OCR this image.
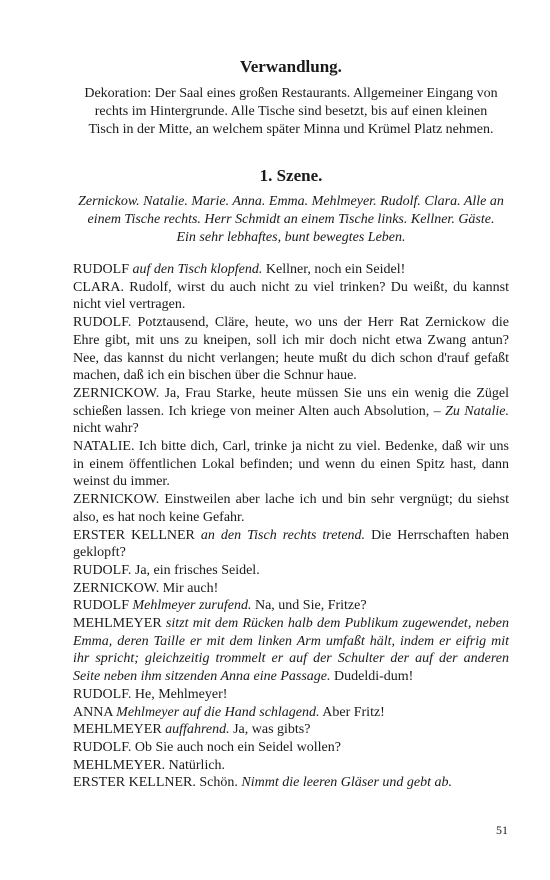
Verwandlung.

Dekoration: Der Saal eines großen Restaurants. Allgemeiner Eingang von rechts im Hintergrunde. Alle Tische sind besetzt, bis auf einen kleinen Tisch in der Mitte, an welchem später Minna und Krümel Platz nehmen.

1. Szene.

Zernickow. Natalie. Marie. Anna. Emma. Mehlmeyer. Rudolf. Clara. Alle an einem Tische rechts. Herr Schmidt an einem Tische links. Kellner. Gäste.

Ein sehr lebhaftes, bunt bewegtes Leben.

RUDOLF auf den Tisch klopfend. Kellner, noch ein Seidel!

CLARA. Rudolf, wirst du auch nicht zu viel trinken? Du weißt, du kannst nicht viel vertragen.

RUDOLF. Potztausend, Cläre, heute, wo uns der Herr Rat Zernickow die Ehre gibt, mit uns zu kneipen, soll ich mir doch nicht etwa Zwang antun? Nee, das kannst du nicht verlangen; heute mußt du dich schon d'rauf gefaßt machen, daß ich ein bischen über die Schnur haue.

ZERNICKOW. Ja, Frau Starke, heute müssen Sie uns ein wenig die Zügel schießen lassen. Ich kriege von meiner Alten auch Absolution, – Zu Natalie. nicht wahr?

NATALIE. Ich bitte dich, Carl, trinke ja nicht zu viel. Bedenke, daß wir uns in einem öffentlichen Lokal befinden; und wenn du einen Spitz hast, dann weinst du immer.

ZERNICKOW. Einstweilen aber lache ich und bin sehr vergnügt; du siehst also, es hat noch keine Gefahr.

ERSTER KELLNER an den Tisch rechts tretend. Die Herrschaften haben geklopft?

RUDOLF. Ja, ein frisches Seidel.

ZERNICKOW. Mir auch!

RUDOLF Mehlmeyer zurufend. Na, und Sie, Fritze?

MEHLMEYER sitzt mit dem Rücken halb dem Publikum zugewendet, neben Emma, deren Taille er mit dem linken Arm umfaßt hält, indem er eifrig mit ihr spricht; gleichzeitig trommelt er auf der Schulter der auf der anderen Seite neben ihm sitzenden Anna eine Passage. Dudeldi-dum!

RUDOLF. He, Mehlmeyer!

ANNA Mehlmeyer auf die Hand schlagend. Aber Fritz!

MEHLMEYER auffahrend. Ja, was gibts?

RUDOLF. Ob Sie auch noch ein Seidel wollen?

MEHLMEYER. Natürlich.

ERSTER KELLNER. Schön. Nimmt die leeren Gläser und gebt ab.

51
